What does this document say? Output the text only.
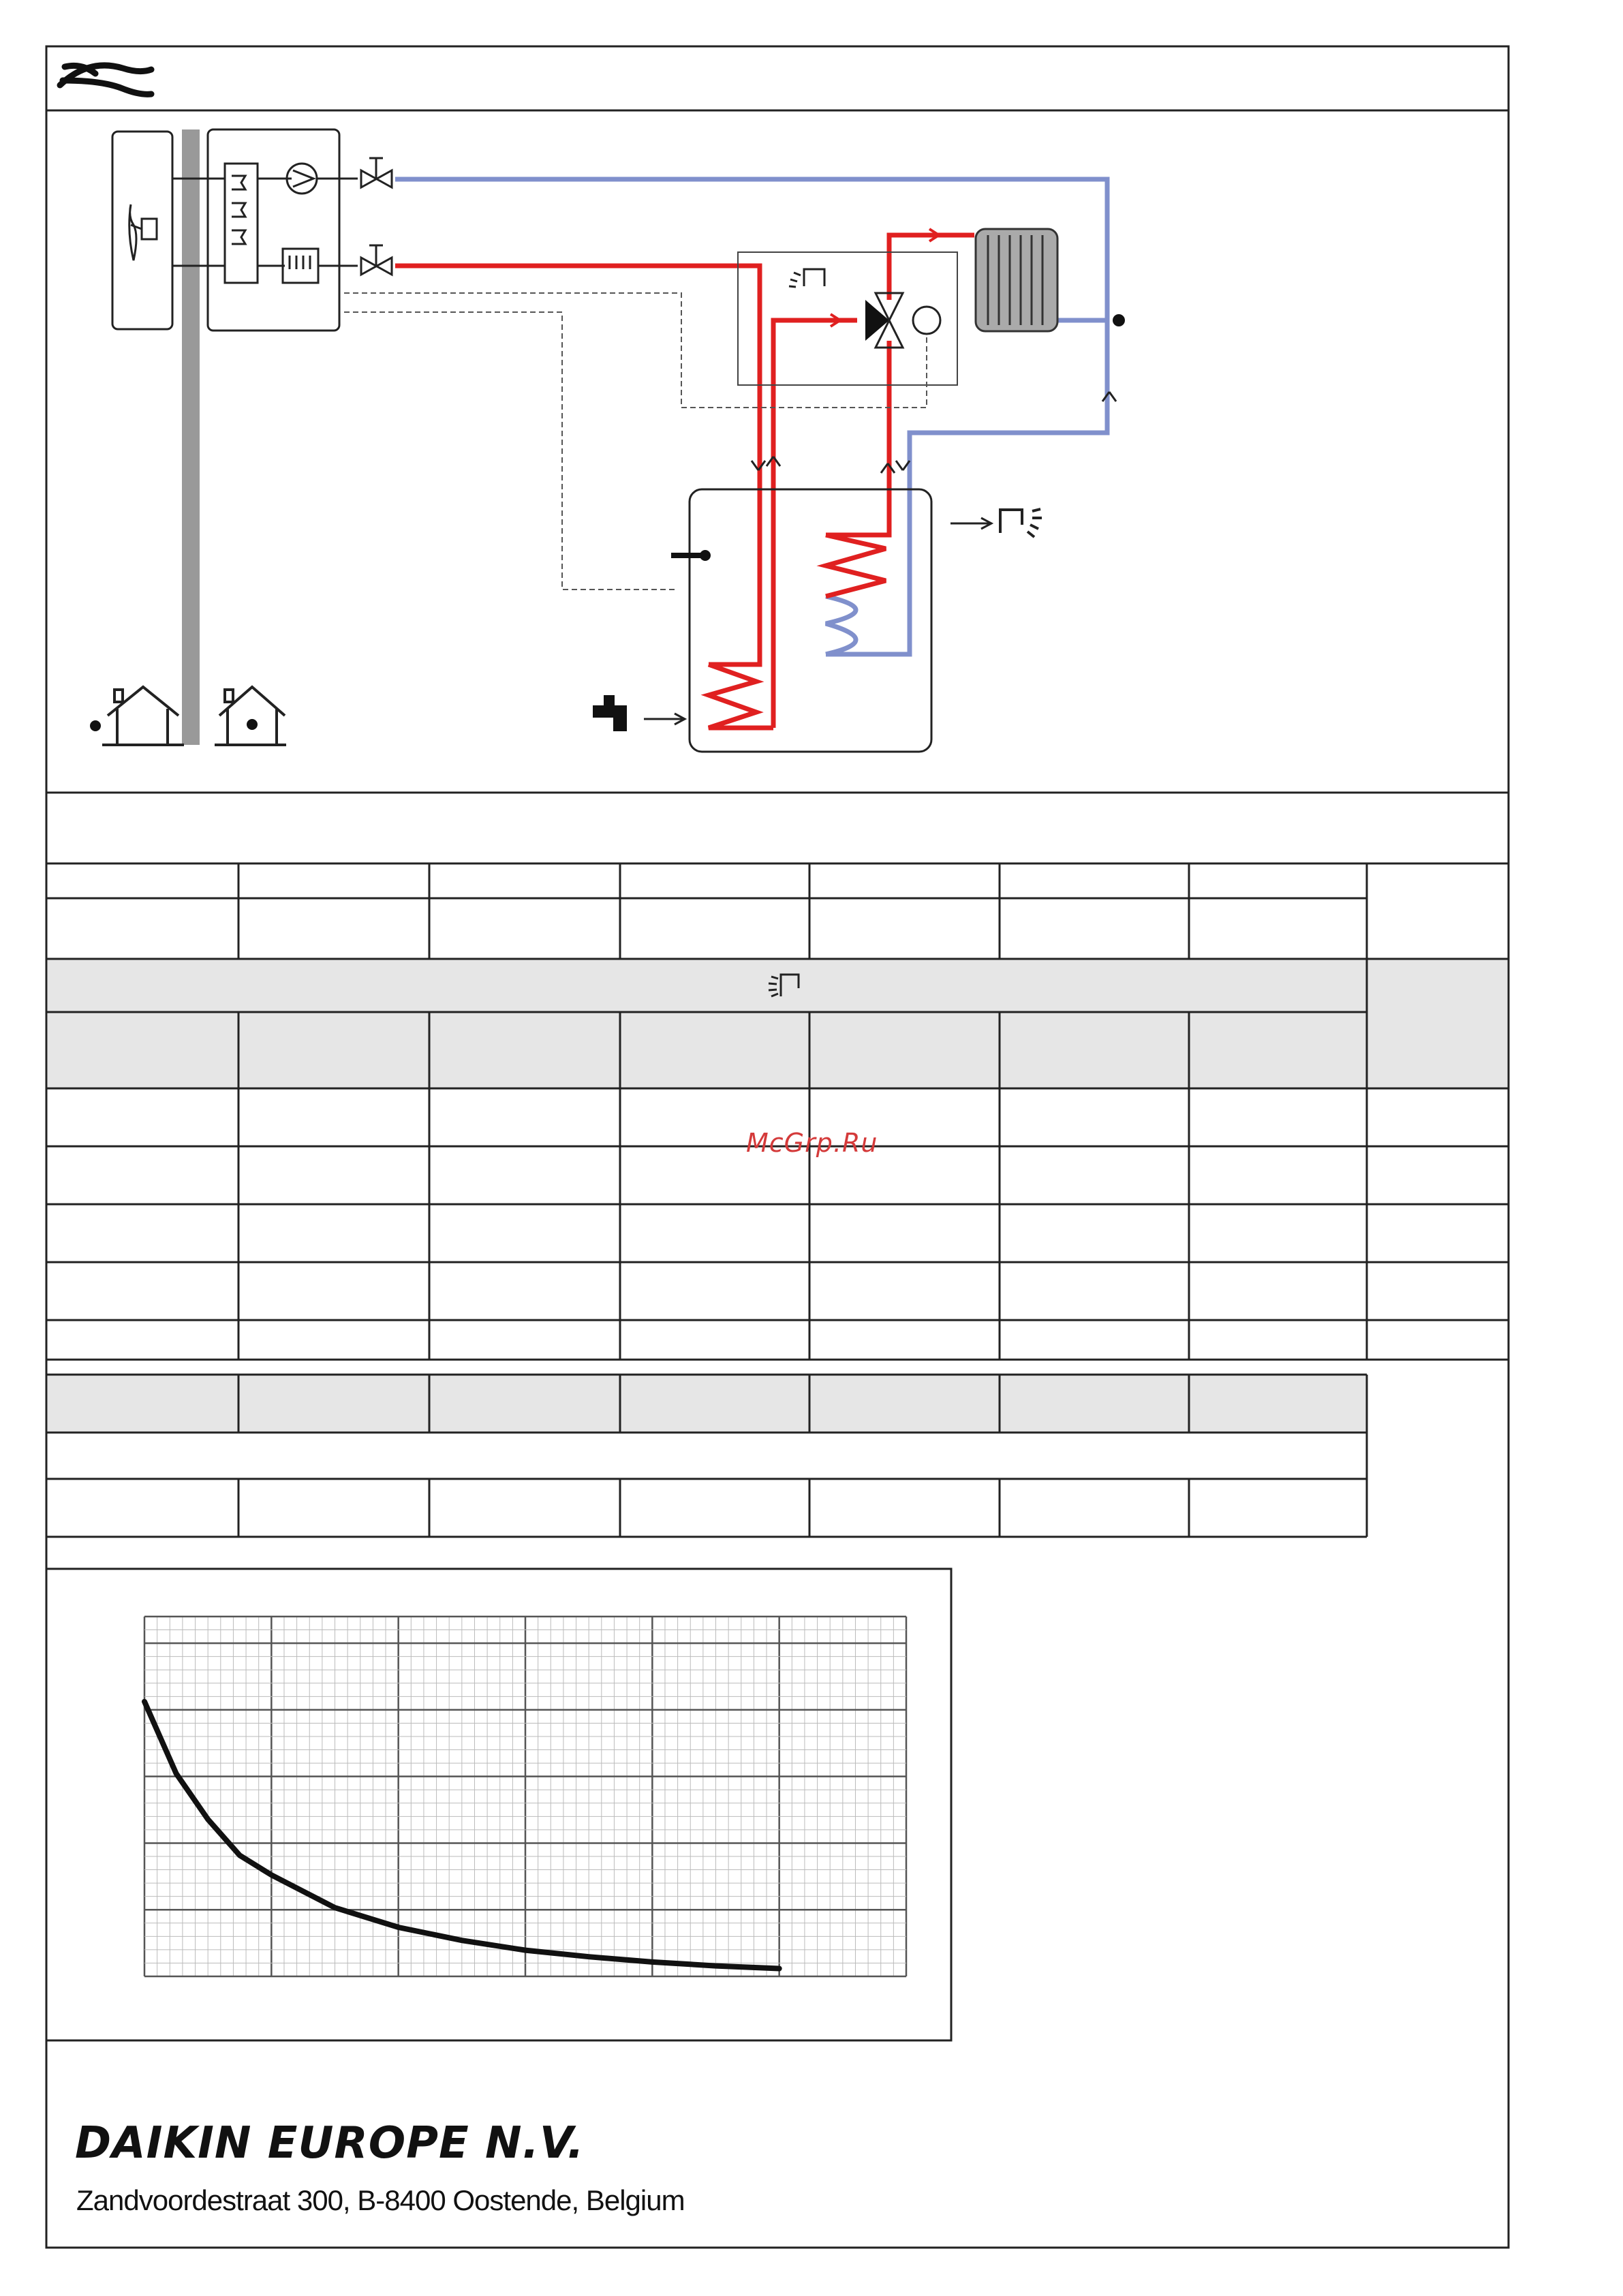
McGrp.Ru
DAIKIN EUROPE N.V.
Zandvoordestraat 300, B-8400 Oostende, Belgium
